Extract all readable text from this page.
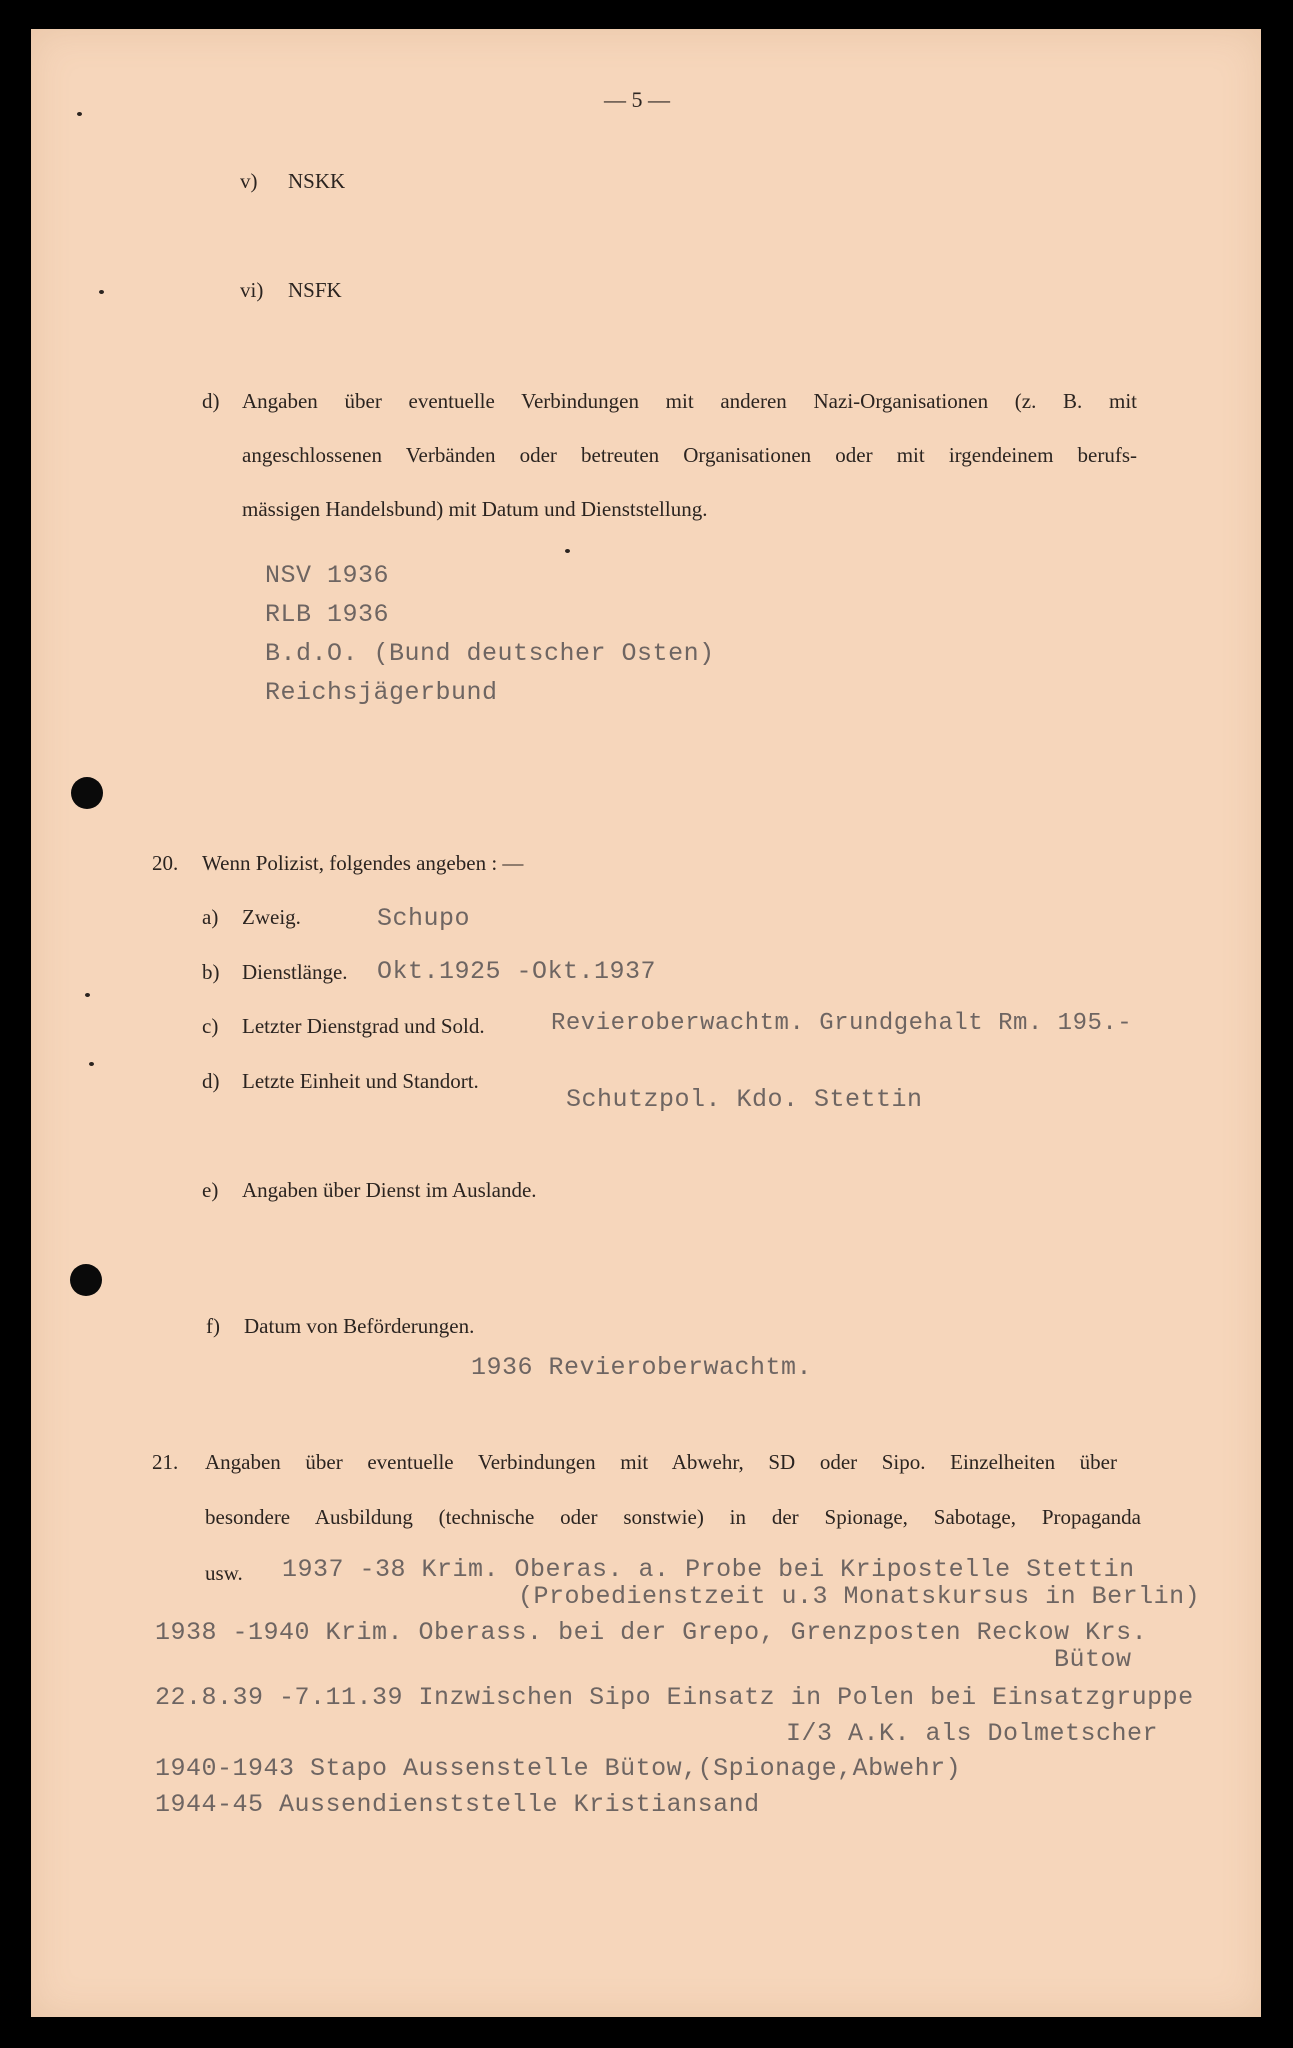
— 5 —
v) NSKK
vi) NSFK
d) Angaben über eventuelle Verbindungen mit anderen Nazi-Organisationen (z. B. mit
angeschlossenen Verbänden oder betreuten Organisationen oder mit irgendeinem berufs-
mässigen Handelsbund) mit Datum und Dienststellung.
NSV 1936
RLB 1936
B.d.O. (Bund deutscher Osten)
Reichsjägerbund
20. Wenn Polizist, folgendes angeben : —
a) Zweig.	Schupo
b) Dienstlänge. Okt.1925 -Okt.1937
c) Letzter Dienstgrad und Sold.	Revieroberwachtm. Grundgehalt Rm. 195.-
d) Letzte Einheit und Standort.
Schutzpol. Kdo. Stettin
e) Angaben über Dienst im Auslande.
f) Datum von Beförderungen.
1936 Revieroberwachtm.
21. Angaben über eventuelle Verbindungen mit Abwehr, SD oder Sipo. Einzelheiten über
besondere Ausbildung (technische oder sonstwie) in der Spionage, Sabotage, Propaganda
usw. 1937 -38 Krim. Oberas. a. Probe bei Kripostelle Stettin
(Probedienstzeit u.3 Monatskursus in Berlin)
1938 -1940 Krim. Oberass. bei der Grepo, Grenzposten Reckow Krs.
Bütow
22.8.39 -7.11.39 Inzwischen Sipo Einsatz in Polen bei Einsatzgruppe
I/3 A.K. als Dolmetscher
1940-1943 Stapo Aussenstelle Bütow,(Spionage,Abwehr)
1944-45 Aussendienststelle Kristiansand
